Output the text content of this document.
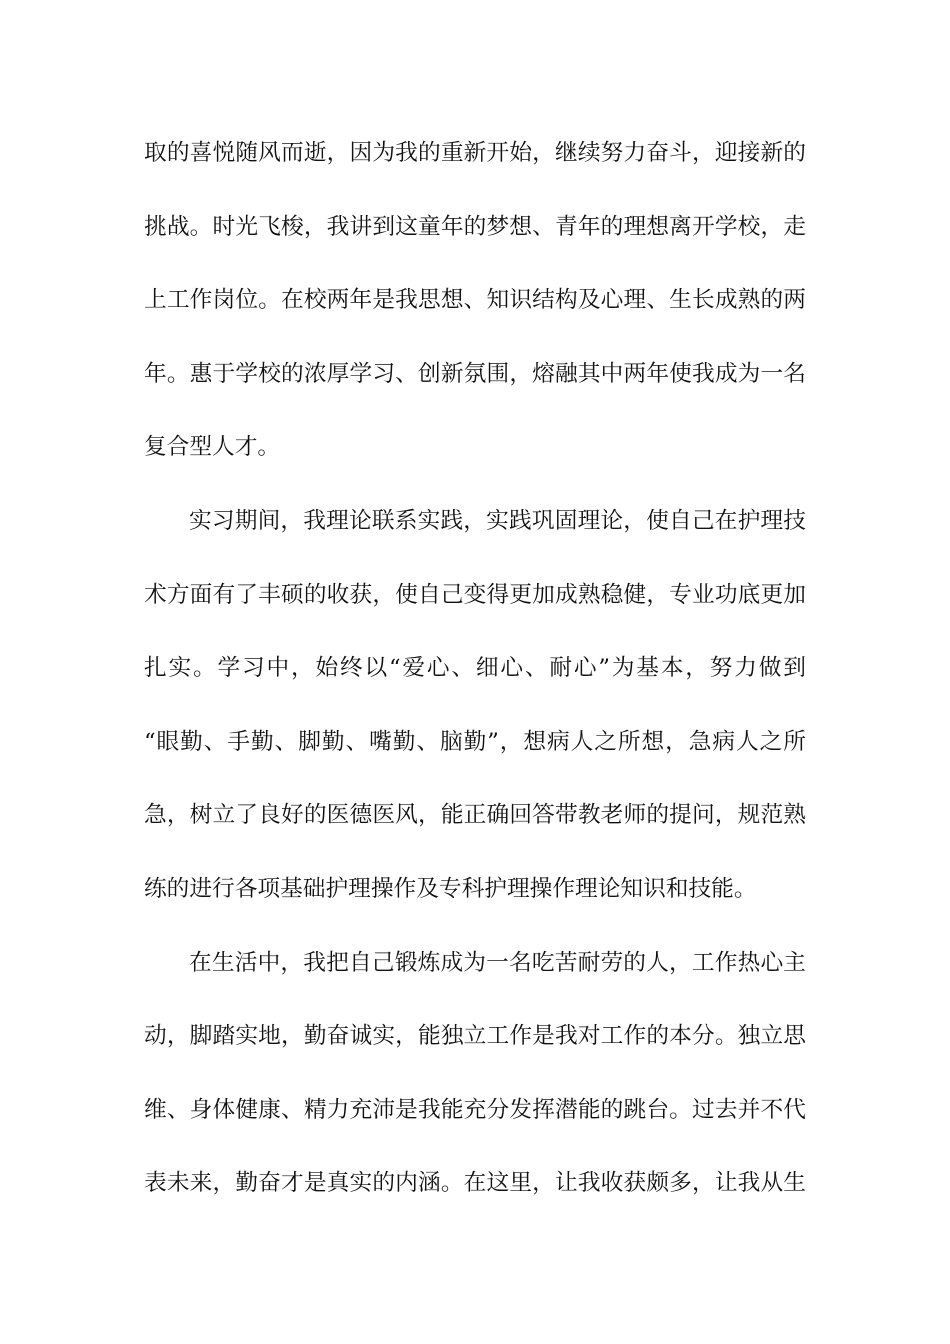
取的喜悦随风而逝，因为我的重新开始，继续努力奋斗，迎接新的
挑战。时光飞梭，我讲到这童年的梦想、青年的理想离开学校，走
上工作岗位。在校两年是我思想、知识结构及心理、生长成熟的两
年。惠于学校的浓厚学习、创新氛围，熔融其中两年使我成为一名
复合型人才。
实习期间，我理论联系实践，实践巩固理论，使自己在护理技
术方面有了丰硕的收获，使自己变得更加成熟稳健，专业功底更加
扎实。学习中，始终以“爱心、细心、耐心”为基本，努力做到
“眼勤、手勤、脚勤、嘴勤、脑勤”，想病人之所想，急病人之所
急，树立了良好的医德医风，能正确回答带教老师的提问，规范熟
练的进行各项基础护理操作及专科护理操作理论知识和技能。
在生活中，我把自己锻炼成为一名吃苦耐劳的人，工作热心主
动，脚踏实地，勤奋诚实，能独立工作是我对工作的本分。独立思
维、身体健康、精力充沛是我能充分发挥潜能的跳台。过去并不代
表未来，勤奋才是真实的内涵。在这里，让我收获颇多，让我从生
